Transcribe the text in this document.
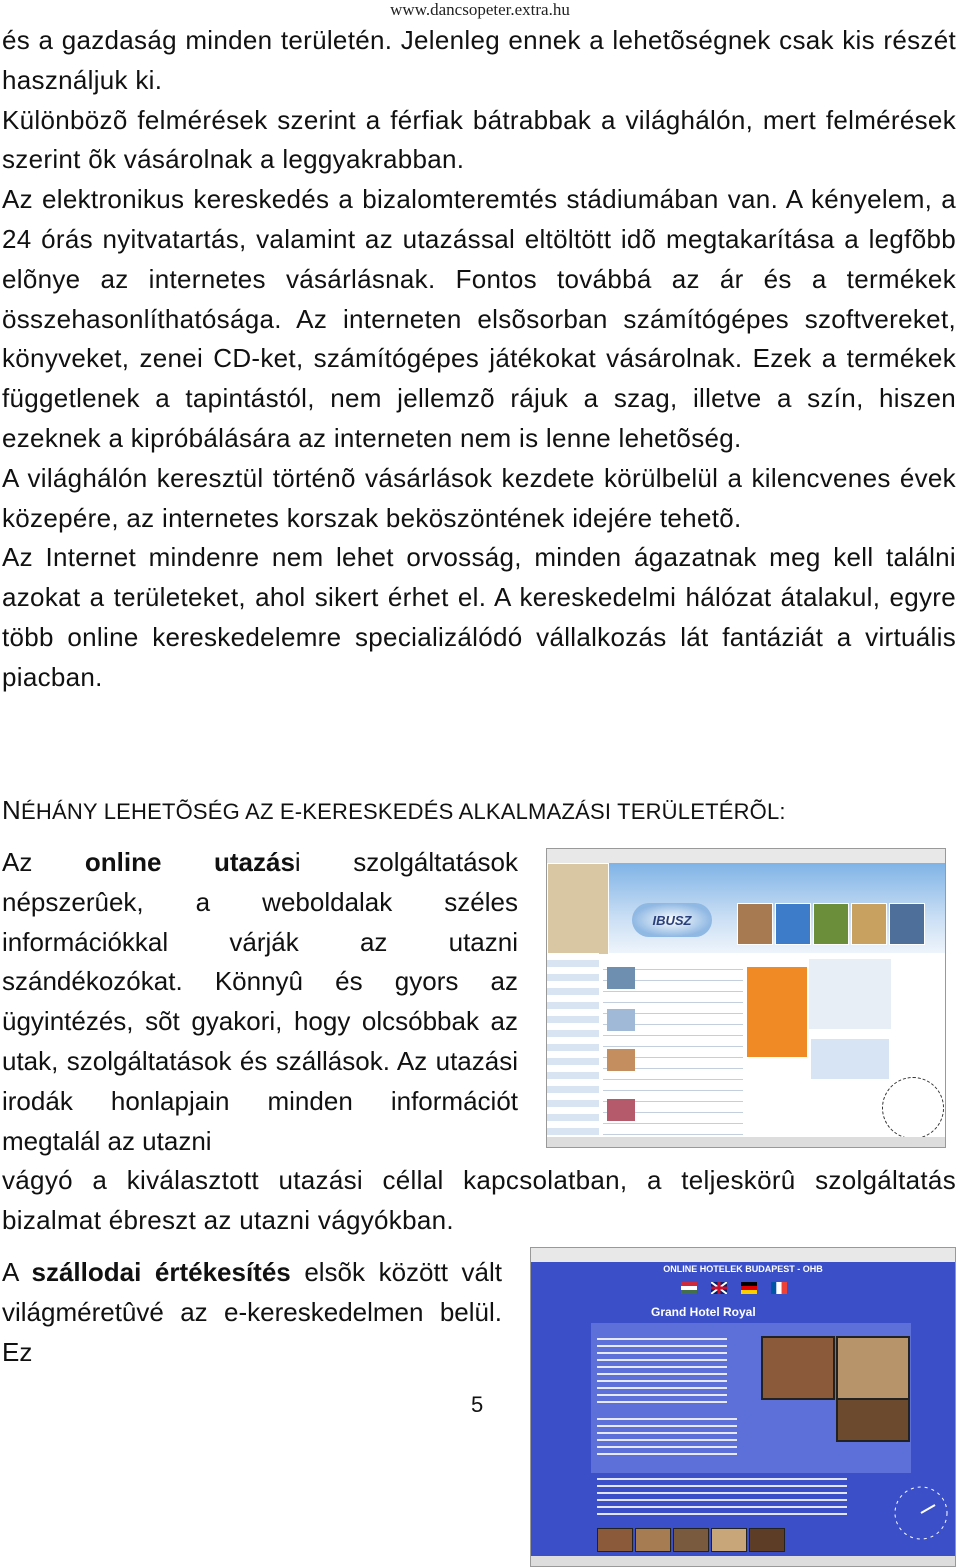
www.dancsopeter.extra.hu

és a gazdaság minden területén. Jelenleg ennek a lehetõségnek csak kis részét használjuk ki.

Különbözõ felmérések szerint a férfiak bátrabbak a világhálón, mert felmérések szerint õk vásárolnak a leggyakrabban.

Az elektronikus kereskedés a bizalomteremtés stádiumában van. A kényelem, a 24 órás nyitvatartás, valamint az utazással eltöltött idõ megtakarítása a legfõbb elõnye az internetes vásárlásnak. Fontos továbbá az ár és a termékek összehasonlíthatósága. Az interneten elsõsorban számítógépes szoftvereket, könyveket, zenei CD-ket, számítógépes játékokat vásárolnak. Ezek a termékek függetlenek a tapintástól, nem jellemzõ rájuk a szag, illetve a szín, hiszen ezeknek a kipróbálására az interneten nem is lenne lehetõség.

A világhálón keresztül történõ vásárlások kezdete körülbelül a kilencvenes évek közepére, az internetes korszak beköszöntének idejére tehetõ.

Az Internet mindenre nem lehet orvosság, minden ágazatnak meg kell találni azokat a területeket, ahol sikert érhet el. A kereskedelmi hálózat átalakul, egyre több online kereskedelemre specializálódó vállalkozás lát fantáziát a virtuális piacban.

NÉHÁNY LEHETÕSÉG AZ E-KERESKEDÉS ALKALMAZÁSI TERÜLETÉRÕL:
Az online utazási szolgáltatások népszerûek, a weboldalak széles információkkal várják az utazni szándékozókat. Könnyû és gyors az ügyintézés, sõt gyakori, hogy olcsóbbak az utak, szolgáltatások és szállások. Az utazási irodák honlapjain minden információt megtalál az utazni
vágyó a kiválasztott utazási céllal kapcsolatban, a teljeskörû szolgáltatás bizalmat ébreszt az utazni vágyókban.
A szállodai értékesítés elsõk között vált világméretûvé az e-kereskedelmen belül. Ez
5
IBUSZ
ONLINE HOTELEK BUDAPEST - OHB
Grand Hotel Royal
